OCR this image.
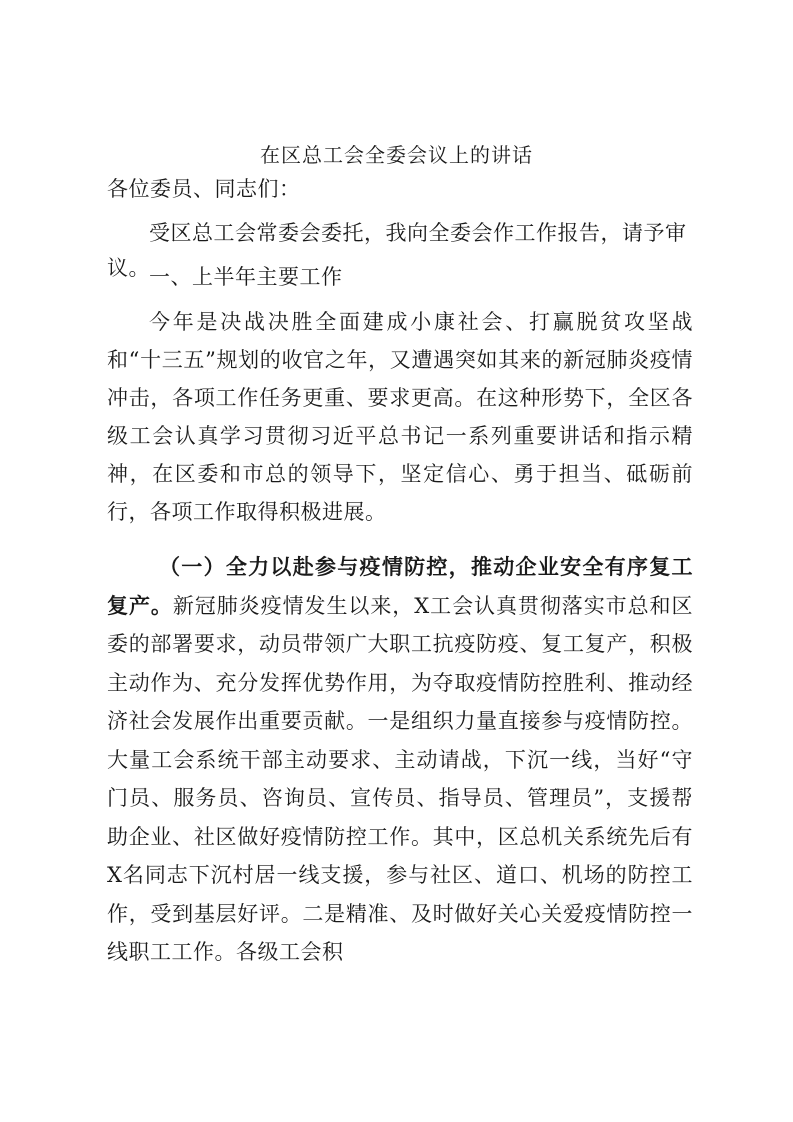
在区总工会全委会议上的讲话
各位委员、同志们：
受区总工会常委会委托，我向全委会作工作报告，请予审议。 一、上半年主要工作
今年是决战决胜全面建成小康社会、打赢脱贫攻坚战和“十三五”规划的收官之年，又遭遇突如其来的新冠肺炎疫情冲击，各项工作任务更重、要求更高。在这种形势下，全区各级工会认真学习贯彻习近平总书记一系列重要讲话和指示精神，在区委和市总的领导下，坚定信心、勇于担当、砥砺前行，各项工作取得积极进展。
（一）全力以赴参与疫情防控，推动企业安全有序复工复产。新冠肺炎疫情发生以来，X工会认真贯彻落实市总和区委的部署要求，动员带领广大职工抗疫防疫、复工复产，积极主动作为、充分发挥优势作用，为夺取疫情防控胜利、推动经济社会发展作出重要贡献。一是组织力量直接参与疫情防控。大量工会系统干部主动要求、主动请战，下沉一线，当好“守门员、服务员、咨询员、宣传员、指导员、管理员”，支援帮助企业、社区做好疫情防控工作。其中，区总机关系统先后有X名同志下沉村居一线支援，参与社区、道口、机场的防控工作，受到基层好评。二是精准、及时做好关心关爱疫情防控一线职工工作。各级工会积
